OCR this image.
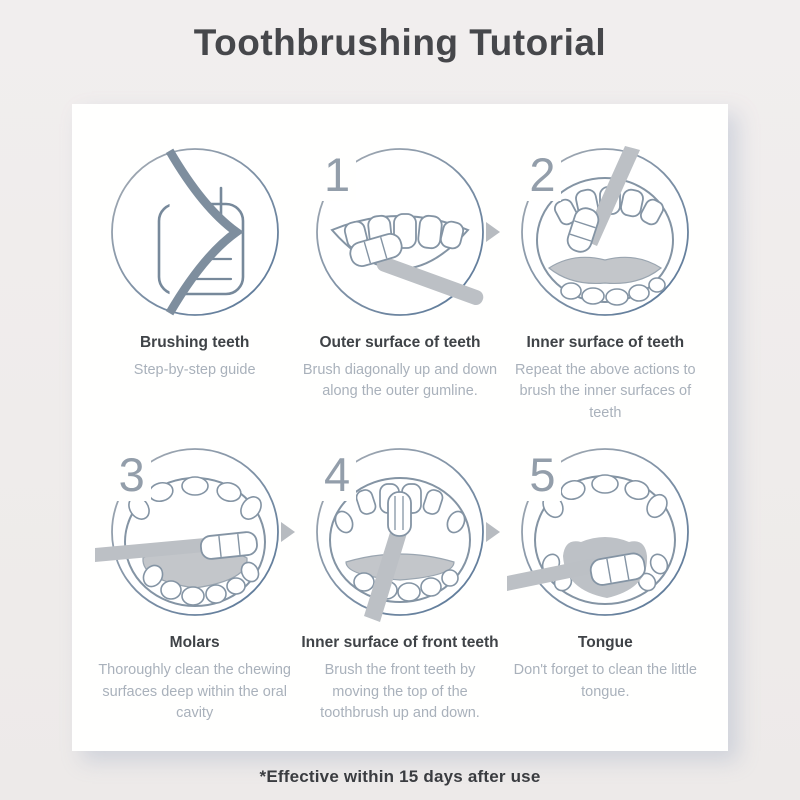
Toothbrushing Tutorial
Brushing teeth
Step-by-step guide
1
Outer surface of teeth
Brush diagonally up and down along the outer gumline.
2
Inner surface of teeth
Repeat the above actions to brush the inner surfaces of teeth
3
Molars
Thoroughly clean the chewing surfaces deep within the oral cavity
4
Inner surface of front teeth
Brush the front teeth by moving the top of the toothbrush up and down.
5
Tongue
Don't forget to clean the little tongue.
*Effective within 15 days after use
